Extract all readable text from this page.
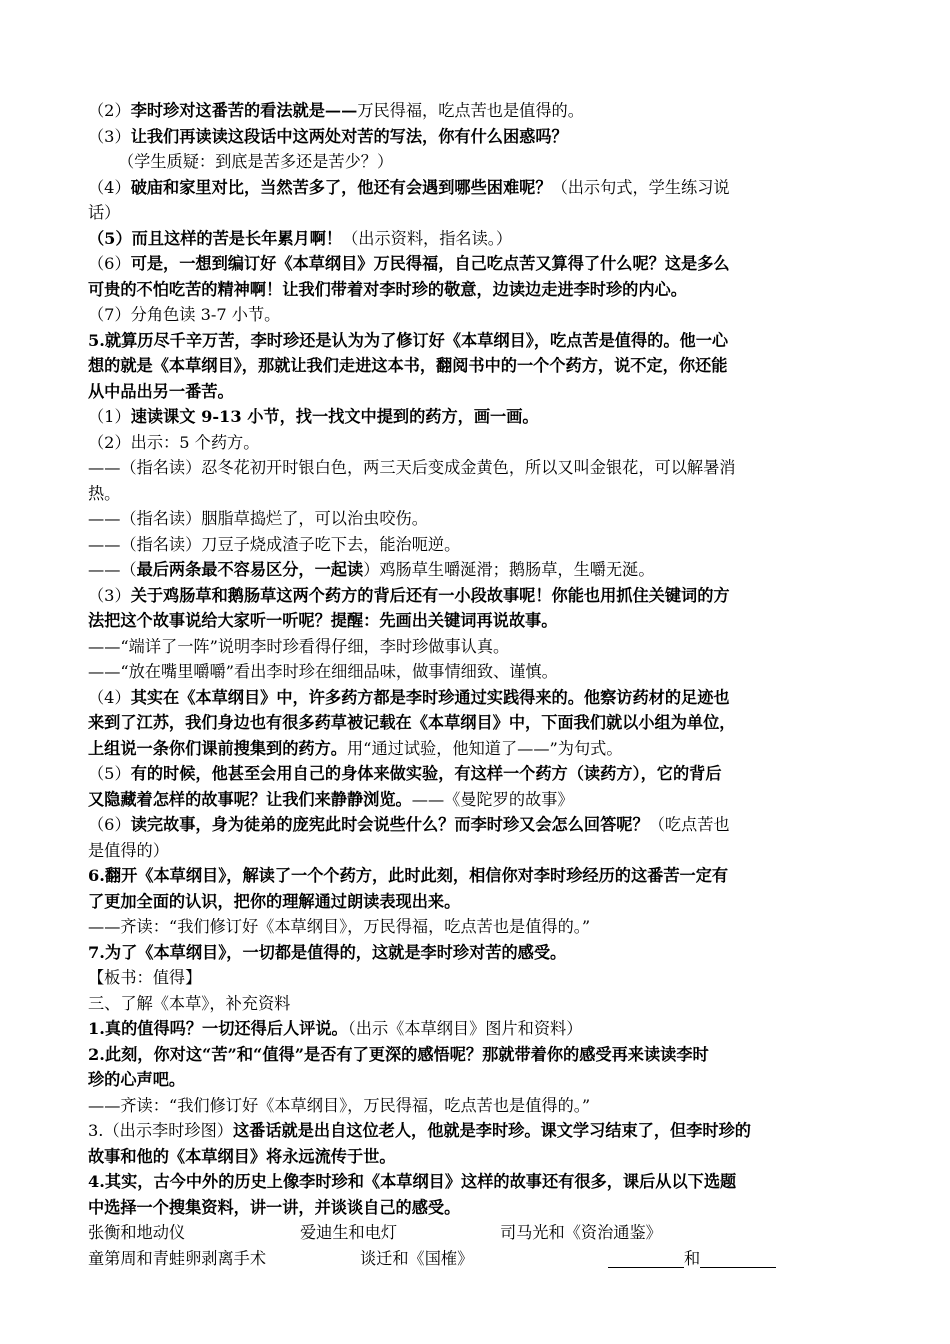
（2）李时珍对这番苦的看法就是——万民得福，吃点苦也是值得的。
（3）让我们再读读这段话中这两处对苦的写法，你有什么困惑吗？
（学生质疑：到底是苦多还是苦少？）
（4）破庙和家里对比，当然苦多了，他还有会遇到哪些困难呢？（出示句式，学生练习说
话）
（5）而且这样的苦是长年累月啊！（出示资料，指名读。）
（6）可是，一想到编订好《本草纲目》万民得福，自己吃点苦又算得了什么呢？这是多么
可贵的不怕吃苦的精神啊！让我们带着对李时珍的敬意，边读边走进李时珍的内心。
（7）分角色读 3-7 小节。
5.就算历尽千辛万苦，李时珍还是认为为了修订好《本草纲目》，吃点苦是值得的。他一心
想的就是《本草纲目》，那就让我们走进这本书，翻阅书中的一个个药方，说不定，你还能
从中品出另一番苦。
（1）速读课文 9-13 小节，找一找文中提到的药方，画一画。
（2）出示：5 个药方。
——（指名读）忍冬花初开时银白色，两三天后变成金黄色，所以又叫金银花，可以解暑消
热。
——（指名读）胭脂草捣烂了，可以治虫咬伤。
——（指名读）刀豆子烧成渣子吃下去，能治呃逆。
——（最后两条最不容易区分，一起读）鸡肠草生嚼涎滑；鹅肠草，生嚼无涎。
（3）关于鸡肠草和鹅肠草这两个药方的背后还有一小段故事呢！你能也用抓住关键词的方
法把这个故事说给大家听一听呢？提醒：先画出关键词再说故事。
——“端详了一阵”说明李时珍看得仔细，李时珍做事认真。
——“放在嘴里嚼嚼”看出李时珍在细细品味，做事情细致、谨慎。
（4）其实在《本草纲目》中，许多药方都是李时珍通过实践得来的。他察访药材的足迹也
来到了江苏，我们身边也有很多药草被记载在《本草纲目》中，下面我们就以小组为单位，
上组说一条你们课前搜集到的药方。用“通过试验，他知道了——”为句式。
（5）有的时候，他甚至会用自己的身体来做实验，有这样一个药方（读药方），它的背后
又隐藏着怎样的故事呢？让我们来静静浏览。——《曼陀罗的故事》
（6）读完故事，身为徒弟的庞宪此时会说些什么？而李时珍又会怎么回答呢？（吃点苦也
是值得的）
6.翻开《本草纲目》，解读了一个个药方，此时此刻，相信你对李时珍经历的这番苦一定有
了更加全面的认识，把你的理解通过朗读表现出来。
——齐读：“我们修订好《本草纲目》，万民得福，吃点苦也是值得的。”
7.为了《本草纲目》，一切都是值得的，这就是李时珍对苦的感受。
【板书：值得】
三、了解《本草》，补充资料
1.真的值得吗？一切还得后人评说。（出示《本草纲目》图片和资料）
2.此刻，你对这“苦”和“值得”是否有了更深的感悟呢？那就带着你的感受再来读读李时
珍的心声吧。
——齐读：“我们修订好《本草纲目》，万民得福，吃点苦也是值得的。”
3.（出示李时珍图）这番话就是出自这位老人，他就是李时珍。课文学习结束了，但李时珍的
故事和他的《本草纲目》将永远流传于世。
4.其实，古今中外的历史上像李时珍和《本草纲目》这样的故事还有很多，课后从以下选题
中选择一个搜集资料，讲一讲，并谈谈自己的感受。
张衡和地动仪	爱迪生和电灯	司马光和《资治通鉴》
童第周和青蛙卵剥离手术	谈迁和《国榷》	和
